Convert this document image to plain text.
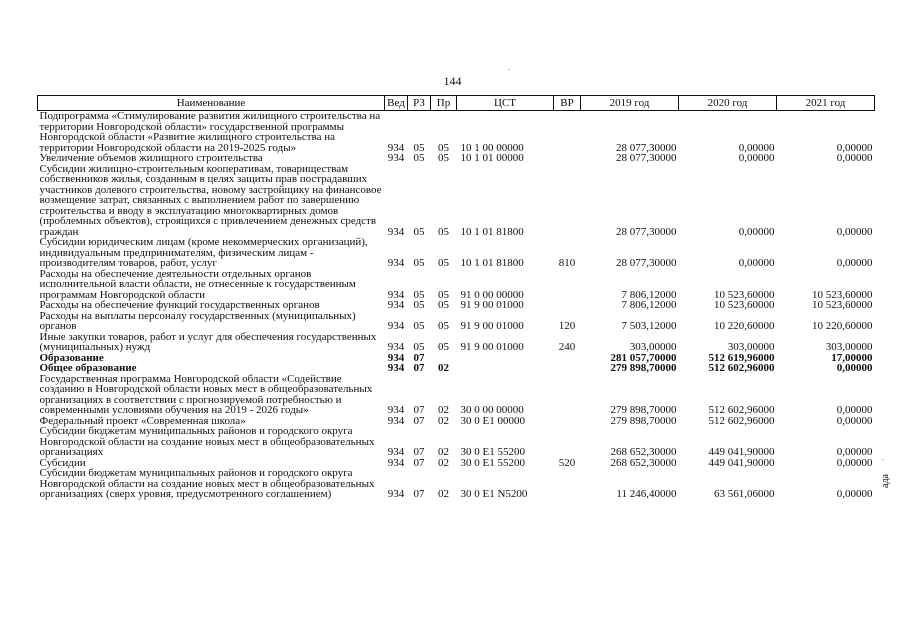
144
.
.
ада
Наименование	Вед	РЗ	Пр	ЦСТ	ВР	2019 год	2020 год	2021 год
Подпрограмма «Стимулирование развития жилищного строительства на территории Новгородской области» государственной программы Новгородской области «Развитие жилищного строительства на территории Новгородской области на 2019-2025 годы»	934	05	05	10 1 00 00000		28 077,30000	0,00000	0,00000
Увеличение объемов жилищного строительства	934	05	05	10 1 01 00000		28 077,30000	0,00000	0,00000
Субсидии жилищно-строительным кооперативам, товариществам собственников жилья, созданным в целях защиты прав пострадавших участников долевого строительства, новому застройщику на финансовое возмещение затрат, связанных с выполнением работ по завершению строительства и вводу в эксплуатацию многоквартирных домов (проблемных объектов), строящихся с привлечением денежных средств граждан	934	05	05	10 1 01 81800		28 077,30000	0,00000	0,00000
Субсидии юридическим лицам (кроме некоммерческих организаций), индивидуальным предпринимателям, физическим лицам - производителям товаров, работ, услуг	934	05	05	10 1 01 81800	810	28 077,30000	0,00000	0,00000
Расходы на обеспечение деятельности отдельных органов исполнительной власти области, не отнесенные к государственным программам Новгородской области	934	05	05	91 0 00 00000		7 806,12000	10 523,60000	10 523,60000
Расходы на обеспечение функций государственных органов	934	05	05	91 9 00 01000		7 806,12000	10 523,60000	10 523,60000
Расходы на выплаты персоналу государственных (муниципальных) органов	934	05	05	91 9 00 01000	120	7 503,12000	10 220,60000	10 220,60000
Иные закупки товаров, работ и услуг для обеспечения государственных (муниципальных) нужд	934	05	05	91 9 00 01000	240	303,00000	303,00000	303,00000
Образование	934	07				281 057,70000	512 619,96000	17,00000
Общее образование	934	07	02			279 898,70000	512 602,96000	0,00000
Государственная программа Новгородской области «Содействие созданию в Новгородской области новых мест в общеобразовательных организациях в соответствии с прогнозируемой потребностью и современными условиями обучения на 2019 - 2026 годы»	934	07	02	30 0 00 00000		279 898,70000	512 602,96000	0,00000
Федеральный проект «Современная школа»	934	07	02	30 0 E1 00000		279 898,70000	512 602,96000	0,00000
Субсидии бюджетам муниципальных районов и городского округа Новгородской области на создание новых мест в общеобразовательных организациях	934	07	02	30 0 E1 55200		268 652,30000	449 041,90000	0,00000
Субсидии	934	07	02	30 0 E1 55200	520	268 652,30000	449 041,90000	0,00000
Субсидии бюджетам муниципальных районов и городского округа Новгородской области на создание новых мест в общеобразовательных организациях (сверх уровня, предусмотренного соглашением)	934	07	02	30 0 E1 N5200		11 246,40000	63 561,06000	0,00000
